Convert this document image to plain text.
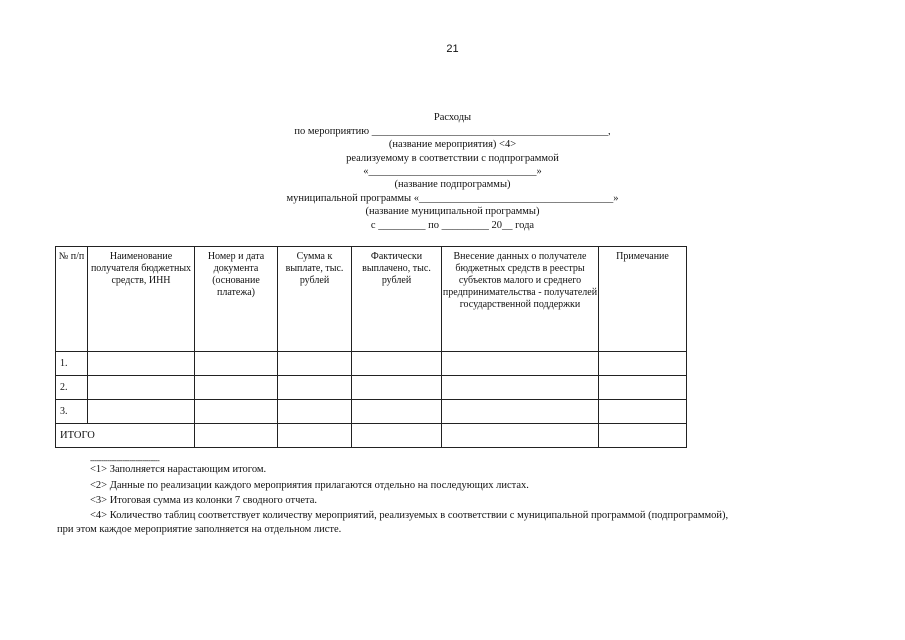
21
Расходы
по мероприятию _____________________________________________,
(название мероприятия) <4>
реализуемому в соответствии с подпрограммой
«________________________________»
(название подпрограммы)
муниципальной программы «_____________________________________»
(название муниципальной программы)
с _________ по _________ 20__ года
№ п/п	Наименование получателя бюджетных средств, ИНН	Номер и дата документа (основание платежа)	Сумма к выплате, тыс. рублей	Фактически выплачено, тыс. рублей	Внесение данных о получателе бюджетных средств в реестры субъектов малого и среднего предпринимательства - получателей государственной поддержки	Примечание
1.						
2.						
3.						
ИТОГО						
--------------------------------
<1> Заполняется нарастающим итогом.
<2> Данные по реализации каждого мероприятия прилагаются отдельно на последующих листах.
<3> Итоговая сумма из колонки 7 сводного отчета.
<4> Количество таблиц соответствует количеству мероприятий, реализуемых в соответствии с муниципальной программой (подпрограммой),
при этом каждое мероприятие заполняется на отдельном листе.
